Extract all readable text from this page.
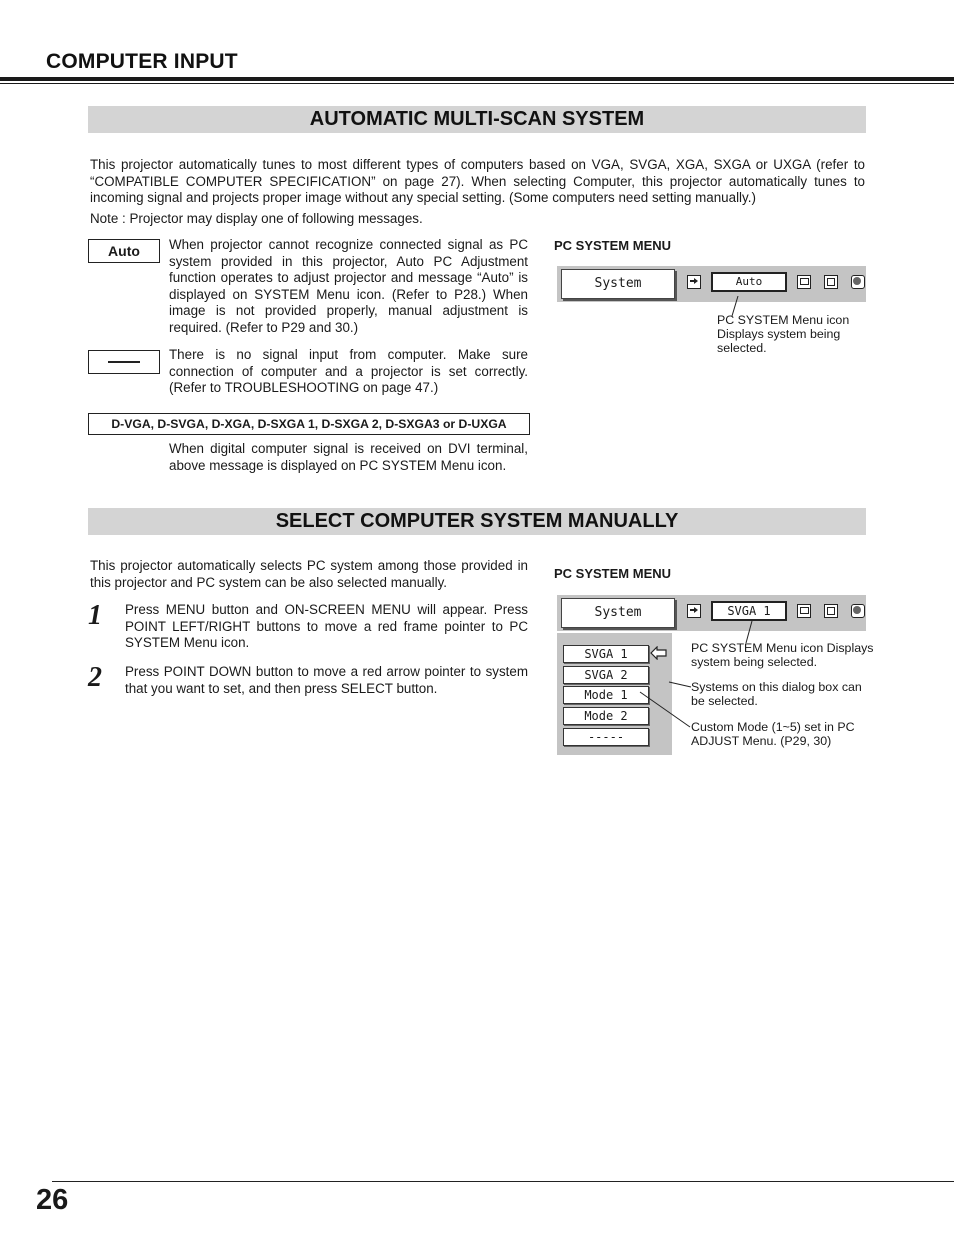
COMPUTER INPUT
AUTOMATIC MULTI-SCAN SYSTEM
This projector automatically tunes to most different types of computers based on VGA, SVGA, XGA, SXGA or UXGA (refer to “COMPATIBLE COMPUTER SPECIFICATION” on page 27). When selecting Computer, this projector automatically tunes to incoming signal and projects proper image without any special setting. (Some computers need setting manually.)
Note : Projector may display one of following messages.
Auto	When projector cannot recognize connected signal as PC system provided in this projector, Auto PC Adjustment function operates to adjust projector and message “Auto” is displayed on SYSTEM Menu icon. (Refer to P28.) When image is not provided properly, manual adjustment is required. (Refer to P29 and 30.)
There is no signal input from computer. Make sure connection of computer and a projector is set correctly. (Refer to TROUBLESHOOTING on page 47.)
D-VGA, D-SVGA, D-XGA, D-SXGA 1, D-SXGA 2, D-SXGA3 or D-UXGA
When digital computer signal is received on DVI terminal, above message is displayed on PC SYSTEM Menu icon.
PC SYSTEM MENU
System	Auto
PC SYSTEM Menu icon Displays system being selected.
SELECT COMPUTER SYSTEM MANUALLY
This projector automatically selects PC system among those provided in this projector and PC system can be also selected manually.
1 Press MENU button and ON-SCREEN MENU will appear. Press POINT LEFT/RIGHT buttons to move a red frame pointer to PC SYSTEM Menu icon.
2 Press POINT DOWN button to move a red arrow pointer to system that you want to set, and then press SELECT button.
PC SYSTEM MENU
System	SVGA 1
SVGA 1
SVGA 2
Mode 1
Mode 2
-----
PC SYSTEM Menu icon Displays system being selected.
Systems on this dialog box can be selected.
Custom Mode (1~5) set in PC ADJUST Menu. (P29, 30)
26
